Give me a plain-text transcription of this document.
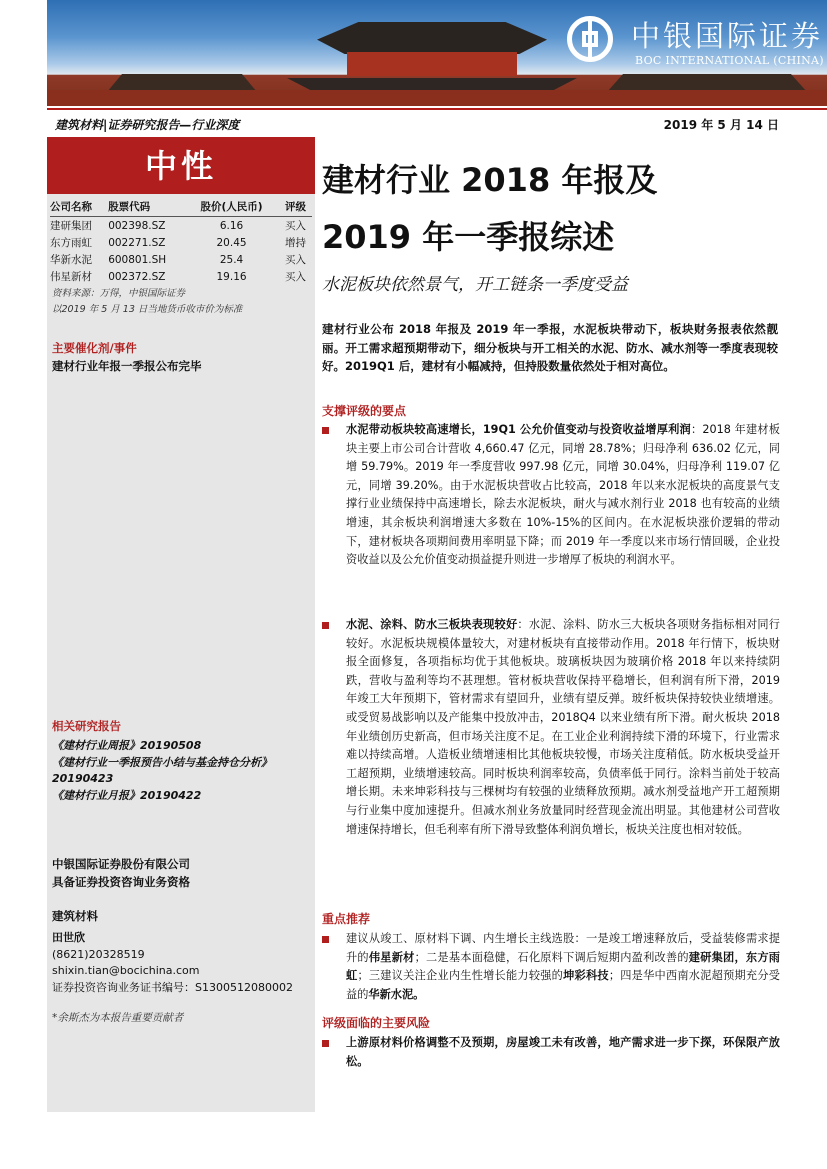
中银国际证券
BOC INTERNATIONAL (CHINA)
建筑材料|证券研究报告—行业深度	2019 年 5 月 14 日
中性
公司名称	股票代码	股价(人民币)	评级
建研集团	002398.SZ	6.16	买入
东方雨虹	002271.SZ	20.45	增持
华新水泥	600801.SH	25.4	买入
伟星新材	002372.SZ	19.16	买入
资料来源：万得，中银国际证券
以2019 年 5 月 13 日当地货币收市价为标准
主要催化剂/事件
建材行业年报一季报公布完毕
相关研究报告
《建材行业周报》20190508
《建材行业一季报预告小结与基金持仓分析》20190423
《建材行业月报》20190422
中银国际证券股份有限公司
具备证券投资咨询业务资格
建筑材料
田世欣
(8621)20328519
shixin.tian@bocichina.com
证券投资咨询业务证书编号：S1300512080002
*余斯杰为本报告重要贡献者
建材行业 2018 年报及
2019 年一季报综述
水泥板块依然景气，开工链条一季度受益
建材行业公布 2018 年报及 2019 年一季报，水泥板块带动下，板块财务报表依然靓丽。开工需求超预期带动下，细分板块与开工相关的水泥、防水、减水剂等一季度表现较好。2019Q1 后，建材有小幅减持，但持股数量依然处于相对高位。
支撑评级的要点
水泥带动板块较高速增长，19Q1 公允价值变动与投资收益增厚利润：2018 年建材板块主要上市公司合计营收 4,660.47 亿元，同增 28.78%；归母净利 636.02 亿元，同增 59.79%。2019 年一季度营收 997.98 亿元，同增 30.04%，归母净利 119.07 亿元，同增 39.20%。由于水泥板块营收占比较高，2018 年以来水泥板块的高度景气支撑行业业绩保持中高速增长，除去水泥板块，耐火与减水剂行业 2018 也有较高的业绩增速，其余板块利润增速大多数在 10%-15%的区间内。在水泥板块涨价逻辑的带动下，建材板块各项期间费用率明显下降；而 2019 年一季度以来市场行情回暖，企业投资收益以及公允价值变动损益提升则进一步增厚了板块的利润水平。
水泥、涂料、防水三板块表现较好：水泥、涂料、防水三大板块各项财务指标相对同行较好。水泥板块规模体量较大，对建材板块有直接带动作用。2018 年行情下，板块财报全面修复，各项指标均优于其他板块。玻璃板块因为玻璃价格 2018 年以来持续阴跌，营收与盈利等均不甚理想。管材板块营收保持平稳增长，但利润有所下滑，2019 年竣工大年预期下，管材需求有望回升，业绩有望反弹。玻纤板块保持较快业绩增速。或受贸易战影响以及产能集中投放冲击，2018Q4 以来业绩有所下滑。耐火板块 2018 年业绩创历史新高，但市场关注度不足。在工业企业利润持续下滑的环境下，行业需求难以持续高增。人造板业绩增速相比其他板块较慢，市场关注度稍低。防水板块受益开工超预期，业绩增速较高。同时板块利润率较高，负债率低于同行。涂料当前处于较高增长期。未来坤彩科技与三棵树均有较强的业绩释放预期。减水剂受益地产开工超预期与行业集中度加速提升。但减水剂业务放量同时经营现金流出明显。其他建材公司营收增速保持增长，但毛利率有所下滑导致整体利润负增长，板块关注度也相对较低。
重点推荐
建议从竣工、原材料下调、内生增长主线选股：一是竣工增速释放后，受益装修需求提升的伟星新材；二是基本面稳健，石化原料下调后短期内盈利改善的建研集团，东方雨虹；三建议关注企业内生性增长能力较强的坤彩科技；四是华中西南水泥超预期充分受益的华新水泥。
评级面临的主要风险
上游原材料价格调整不及预期，房屋竣工未有改善，地产需求进一步下探，环保限产放松。
